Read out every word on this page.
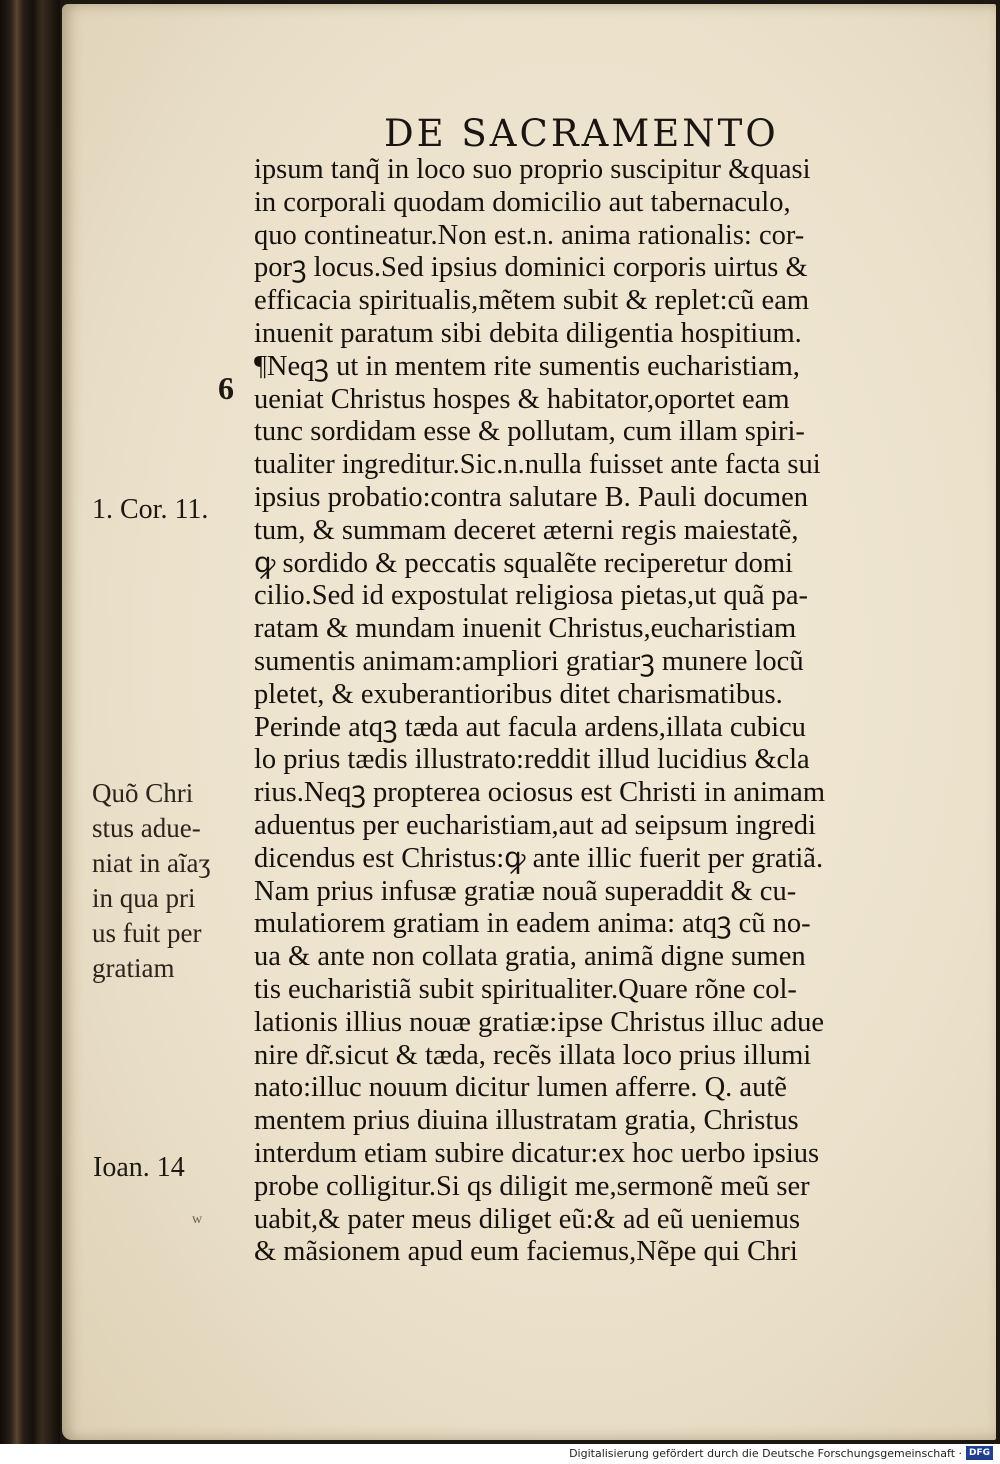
DE SACRAMENTO
ipsum tanq̃ in loco suo proprio suscipitur &quasi
in corporali quodam domicilio aut tabernaculo,
quo contineatur.Non est.n. anima rationalis: cor-
porꝫ locus.Sed ipsius dominici corporis uirtus &
efficacia spiritualis,mẽtem subit & replet:cũ eam
inuenit paratum sibi debita diligentia hospitium.
¶Neqꝫ ut in mentem rite sumentis eucharistiam,
ueniat Christus hospes & habitator,oportet eam
tunc sordidam esse & pollutam, cum illam spiri-
tualiter ingreditur.Sic.n.nulla fuisset ante facta sui
ipsius probatio:contra salutare B. Pauli documen
tum, & summam deceret æterni regis maiestatẽ,
ꝙ sordido & peccatis squalẽte reciperetur domi
cilio.Sed id expostulat religiosa pietas,ut quã pa-
ratam & mundam inuenit Christus,eucharistiam
sumentis animam:ampliori gratiarꝫ munere locũ
pletet, & exuberantioribus ditet charismatibus.
Perinde atqꝫ tæda aut facula ardens,illata cubicu
lo prius tædis illustrato:reddit illud lucidius &cla
rius.Neqꝫ propterea ociosus est Christi in animam
aduentus per eucharistiam,aut ad seipsum ingredi
dicendus est Christus:ꝙ ante illic fuerit per gratiã.
Nam prius infusæ gratiæ nouã superaddit & cu-
mulatiorem gratiam in eadem anima: atqꝫ cũ no-
ua & ante non collata gratia, animã digne sumen
tis eucharistiã subit spiritualiter.Quare rõne col-
lationis illius nouæ gratiæ:ipse Christus illuc adue
nire dr̃.sicut & tæda, recẽs illata loco prius illumi
nato:illuc nouum dicitur lumen afferre. Q. autẽ
mentem prius diuina illustratam gratia, Christus
interdum etiam subire dicatur:ex hoc uerbo ipsius
probe colligitur.Si qs diligit me,sermonẽ meũ ser
uabit,& pater meus diliget eũ:& ad eũ ueniemus
& mãsionem apud eum faciemus,Nẽpe qui Chri
6
1. Cor. 11.
Quõ Chri
stus adue-
niat in aĩaʒ
in qua pri
us fuit per
gratiam
Ioan. 14
w
Digitalisierung gefördert durch die Deutsche Forschungsgemeinschaft · DFG
